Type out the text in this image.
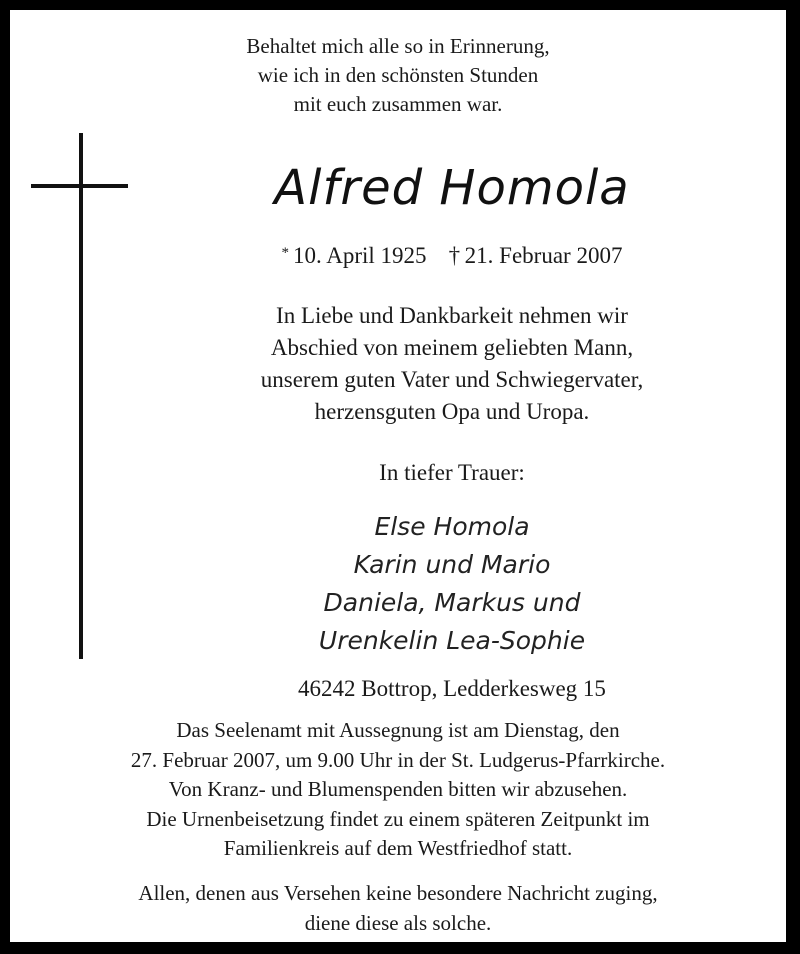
Behaltet mich alle so in Erinnerung,
wie ich in den schönsten Stunden
mit euch zusammen war.
Alfred Homola
* 10. April 1925 †  21. Februar 2007
In Liebe und Dankbarkeit nehmen wir
Abschied von meinem geliebten Mann,
unserem guten Vater und Schwiegervater,
herzensguten Opa und Uropa.
In tiefer Trauer:
Else Homola
Karin und Mario
Daniela, Markus und
Urenkelin Lea-Sophie
46242 Bottrop, Ledderkesweg 15
Das Seelenamt mit Aussegnung ist am Dienstag, den
27. Februar 2007, um 9.00 Uhr in der St. Ludgerus-Pfarrkirche.
Von Kranz- und Blumenspenden bitten wir abzusehen.
Die Urnenbeisetzung findet zu einem späteren Zeitpunkt im
Familienkreis auf dem Westfriedhof statt.
Allen, denen aus Versehen keine besondere Nachricht zuging,
diene diese als solche.
